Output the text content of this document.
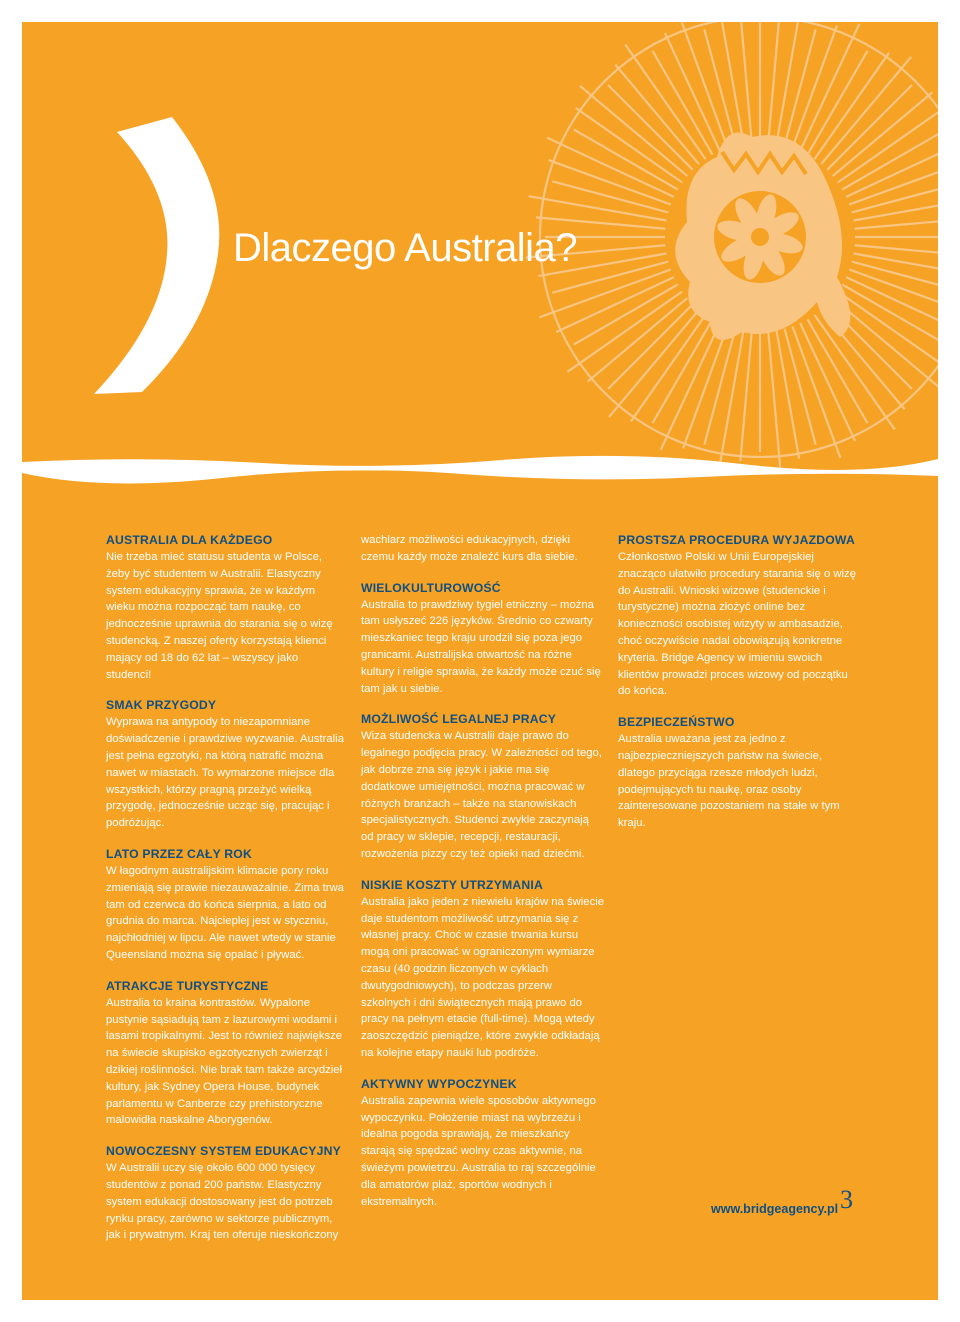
Dlaczego Australia?
AUSTRALIA DLA KAŻDEGO

Nie trzeba mieć statusu studenta w Polsce, żeby być studentem w Australii. Elastyczny system edukacyjny sprawia, że w każdym wieku można rozpocząć tam naukę, co jednocześnie uprawnia do starania się o wizę studencką. Z naszej oferty korzystają klienci mający od 18 do 62 lat – wszyscy jako studenci!

SMAK PRZYGODY

Wyprawa na antypody to niezapomniane doświadczenie i prawdziwe wyzwanie. Australia jest pełna egzotyki, na którą natrafić można nawet w miastach. To wymarzone miejsce dla wszystkich, którzy pragną przeżyć wielką przygodę, jednocześnie ucząc się, pracując i podróżując.

LATO PRZEZ CAŁY ROK

W łagodnym australijskim klimacie pory roku zmieniają się prawie niezauważalnie. Zima trwa tam od czerwca do końca sierpnia, a lato od grudnia do marca. Najcieplej jest w styczniu, najchłodniej w lipcu. Ale nawet wtedy w stanie Queensland można się opalać i pływać.

ATRAKCJE TURYSTYCZNE

Australia to kraina kontrastów. Wypalone pustynie sąsiadują tam z lazurowymi wodami i lasami tropikalnymi. Jest to również największe na świecie skupisko egzotycznych zwierząt i dzikiej roślinności. Nie brak tam także arcydzieł kultury, jak Sydney Opera House, budynek parlamentu w Canberze czy prehistoryczne malowidła naskalne Aborygenów.

NOWOCZESNY SYSTEM EDUKACYJNY

W Australii uczy się około 600 000 tysięcy studentów z ponad 200 państw. Elastyczny system edukacji dostosowany jest do potrzeb rynku pracy, zarówno w sektorze publicznym, jak i prywatnym. Kraj ten oferuje nieskończony

wachlarz możliwości edukacyjnych, dzięki czemu każdy może znaleźć kurs dla siebie.

WIELOKULTUROWOŚĆ

Australia to prawdziwy tygiel etniczny – można tam usłyszeć 226 języków. Średnio co czwarty mieszkaniec tego kraju urodził się poza jego granicami. Australijska otwartość na różne kultury i religie sprawia, że każdy może czuć się tam jak u siebie.

MOŻLIWOŚĆ LEGALNEJ PRACY

Wiza studencka w Australii daje prawo do legalnego podjęcia pracy. W zależności od tego, jak dobrze zna się język i jakie ma się dodatkowe umiejętności, można pracować w różnych branżach – także na stanowiskach specjalistycznych. Studenci zwykle zaczynają od pracy w sklepie, recepcji, restauracji, rozwożenia pizzy czy też opieki nad dziećmi.

NISKIE KOSZTY UTRZYMANIA

Australia jako jeden z niewielu krajów na świecie daje studentom możliwość utrzymania się z własnej pracy. Choć w czasie trwania kursu mogą oni pracować w ograniczonym wymiarze czasu (40 godzin liczonych w cyklach dwutygodniowych), to podczas przerw szkolnych i dni świątecznych mają prawo do pracy na pełnym etacie (full-time). Mogą wtedy zaoszczędzić pieniądze, które zwykle odkładają na kolejne etapy nauki lub podróże.

AKTYWNY WYPOCZYNEK

Australia zapewnia wiele sposobów aktywnego wypoczynku. Położenie miast na wybrzeżu i idealna pogoda sprawiają, że mieszkańcy starają się spędzać wolny czas aktywnie, na świeżym powietrzu. Australia to raj szczególnie dla amatorów plaż, sportów wodnych i ekstremalnych.

PROSTSZA PROCEDURA WYJAZDOWA

Członkostwo Polski w Unii Europejskiej znacząco ułatwiło procedury starania się o wizę do Australii. Wnioski wizowe (studenckie i turystyczne) można złożyć online bez konieczności osobistej wizyty w ambasadzie, choć oczywiście nadal obowiązują konkretne kryteria. Bridge Agency w imieniu swoich klientów prowadzi proces wizowy od początku do końca.

BEZPIECZEŃSTWO

Australia uważana jest za jedno z najbezpieczniejszych państw na świecie, dlatego przyciąga rzesze młodych ludzi, podejmujących tu naukę, oraz osoby zainteresowane pozostaniem na stałe w tym kraju.

www.bridgeagency.pl 3
